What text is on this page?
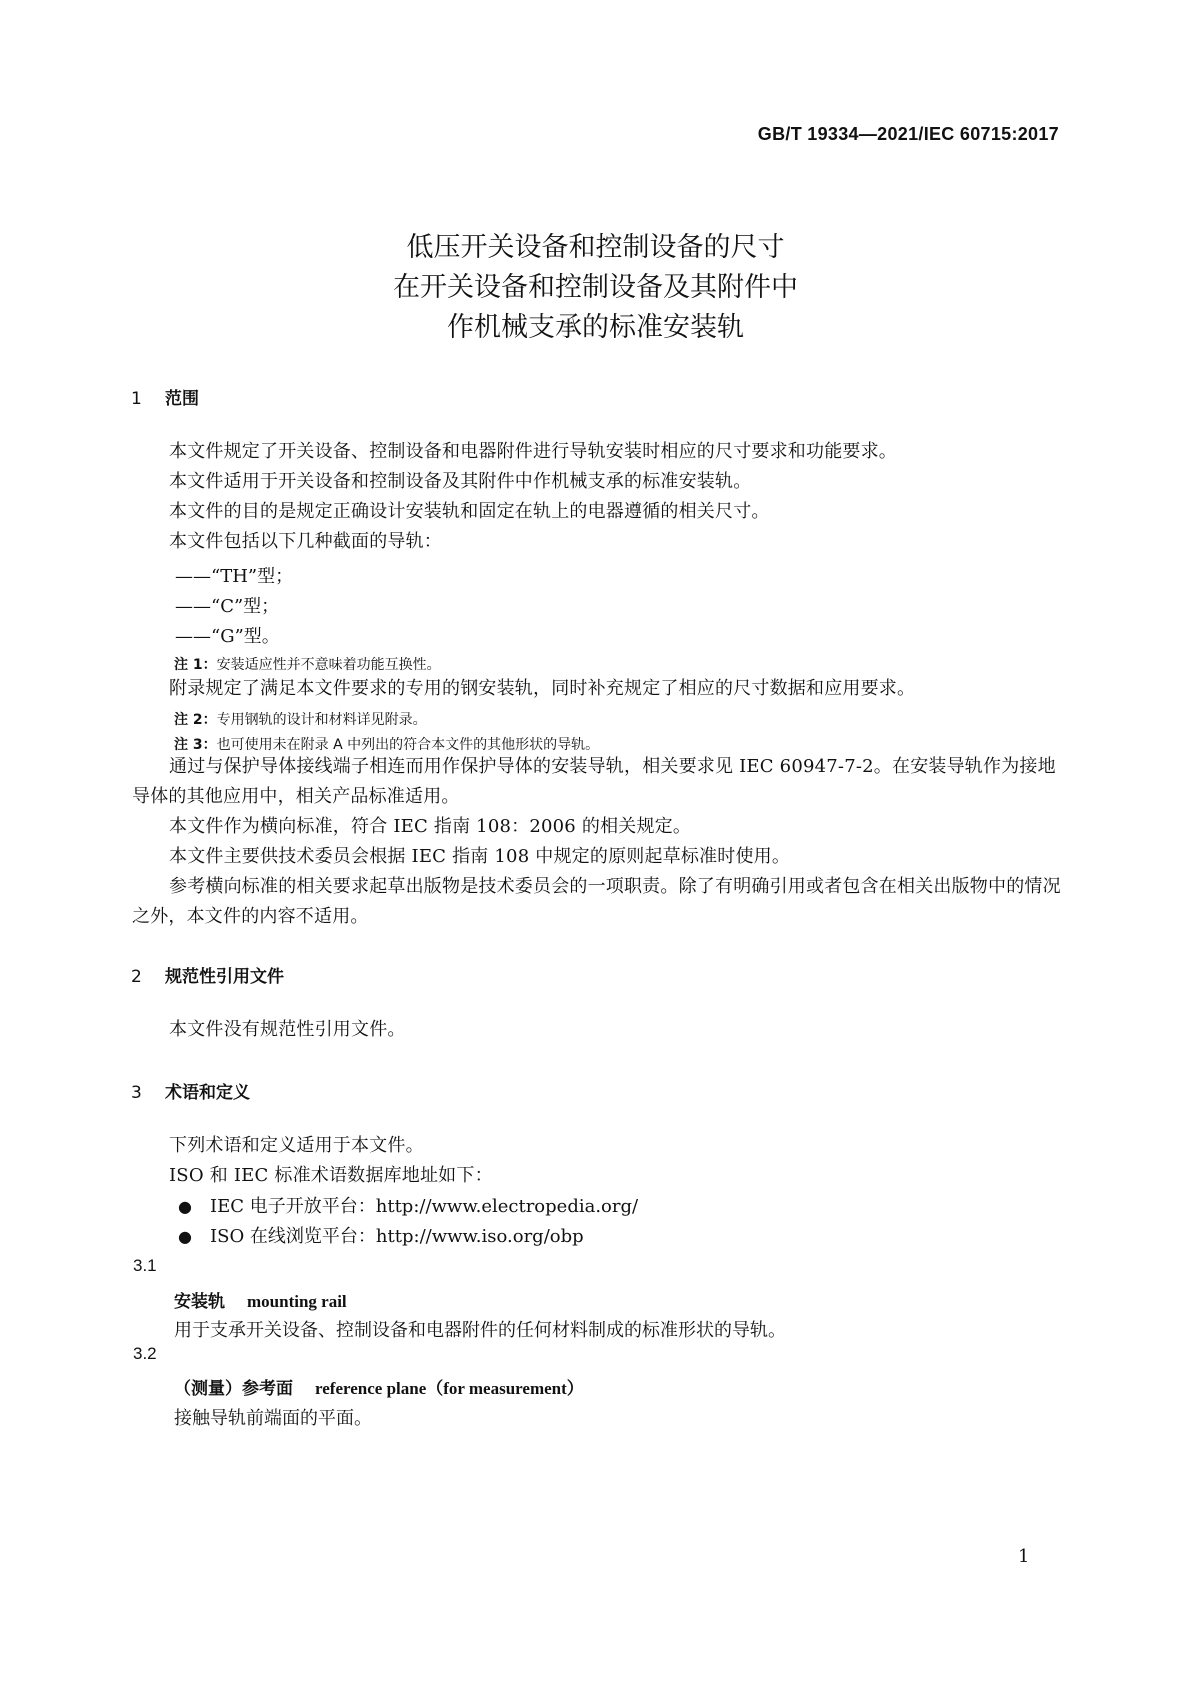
GB/T 19334—2021/IEC 60715:2017
低压开关设备和控制设备的尺寸
在开关设备和控制设备及其附件中
作机械支承的标准安装轨
1 范围
本文件规定了开关设备、控制设备和电器附件进行导轨安装时相应的尺寸要求和功能要求。
本文件适用于开关设备和控制设备及其附件中作机械支承的标准安装轨。
本文件的目的是规定正确设计安装轨和固定在轨上的电器遵循的相关尺寸。
本文件包括以下几种截面的导轨：
——“TH”型；
——“C”型；
——“G”型。
注 1：安装适应性并不意味着功能互换性。
附录规定了满足本文件要求的专用的钢安装轨，同时补充规定了相应的尺寸数据和应用要求。
注 2：专用钢轨的设计和材料详见附录。
注 3：也可使用未在附录 A 中列出的符合本文件的其他形状的导轨。
通过与保护导体接线端子相连而用作保护导体的安装导轨，相关要求见 IEC 60947-7-2。在安装导轨作为接地导体的其他应用中，相关产品标准适用。
本文件作为横向标准，符合 IEC 指南 108：2006 的相关规定。
本文件主要供技术委员会根据 IEC 指南 108 中规定的原则起草标准时使用。
参考横向标准的相关要求起草出版物是技术委员会的一项职责。除了有明确引用或者包含在相关出版物中的情况之外，本文件的内容不适用。
2 规范性引用文件
本文件没有规范性引用文件。
3 术语和定义
下列术语和定义适用于本文件。
ISO 和 IEC 标准术语数据库地址如下：
● IEC 电子开放平台：http://www.electropedia.org/
● ISO 在线浏览平台：http://www.iso.org/obp
3.1
安装轨 mounting rail
用于支承开关设备、控制设备和电器附件的任何材料制成的标准形状的导轨。
3.2
（测量）参考面 reference plane（for measurement）
接触导轨前端面的平面。
1
